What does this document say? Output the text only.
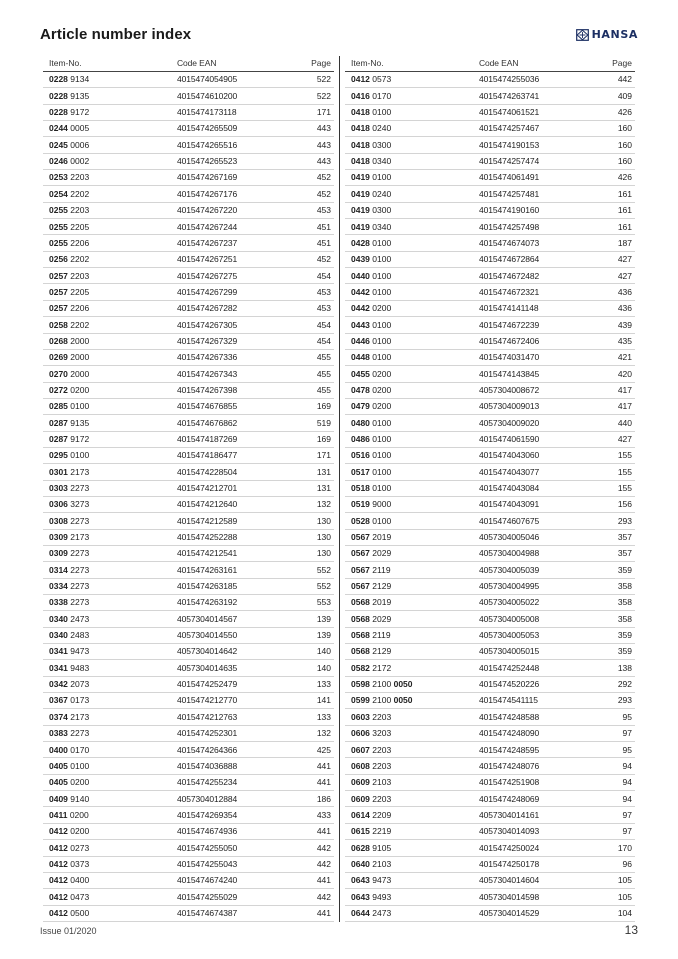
Article number index	HANSA
Item-No.	Code EAN	Page
0228 9134	4015474054905	522
0228 9135	4015474610200	522
0228 9172	4015474173118	171
0244 0005	4015474265509	443
0245 0006	4015474265516	443
0246 0002	4015474265523	443
0253 2203	4015474267169	452
0254 2202	4015474267176	452
0255 2203	4015474267220	453
0255 2205	4015474267244	451
0255 2206	4015474267237	451
0256 2202	4015474267251	452
0257 2203	4015474267275	454
0257 2205	4015474267299	453
0257 2206	4015474267282	453
0258 2202	4015474267305	454
0268 2000	4015474267329	454
0269 2000	4015474267336	455
0270 2000	4015474267343	455
0272 0200	4015474267398	455
0285 0100	4015474676855	169
0287 9135	4015474676862	519
0287 9172	4015474187269	169
0295 0100	4015474186477	171
0301 2173	4015474228504	131
0303 2273	4015474212701	131
0306 3273	4015474212640	132
0308 2273	4015474212589	130
0309 2173	4015474252288	130
0309 2273	4015474212541	130
0314 2273	4015474263161	552
0334 2273	4015474263185	552
0338 2273	4015474263192	553
0340 2473	4057304014567	139
0340 2483	4057304014550	139
0341 9473	4057304014642	140
0341 9483	4057304014635	140
0342 2073	4015474252479	133
0367 0173	4015474212770	141
0374 2173	4015474212763	133
0383 2273	4015474252301	132
0400 0170	4015474264366	425
0405 0100	4015474036888	441
0405 0200	4015474255234	441
0409 9140	4057304012884	186
0411 0200	4015474269354	433
0412 0200	4015474674936	441
0412 0273	4015474255050	442
0412 0373	4015474255043	442
0412 0400	4015474674240	441
0412 0473	4015474255029	442
0412 0500	4015474674387	441
Item-No.	Code EAN	Page
0412 0573	4015474255036	442
0416 0170	4015474263741	409
0418 0100	4015474061521	426
0418 0240	4015474257467	160
0418 0300	4015474190153	160
0418 0340	4015474257474	160
0419 0100	4015474061491	426
0419 0240	4015474257481	161
0419 0300	4015474190160	161
0419 0340	4015474257498	161
0428 0100	4015474674073	187
0439 0100	4015474672864	427
0440 0100	4015474672482	427
0442 0100	4015474672321	436
0442 0200	4015474141148	436
0443 0100	4015474672239	439
0446 0100	4015474672406	435
0448 0100	4015474031470	421
0455 0200	4015474143845	420
0478 0200	4057304008672	417
0479 0200	4057304009013	417
0480 0100	4057304009020	440
0486 0100	4015474061590	427
0516 0100	4015474043060	155
0517 0100	4015474043077	155
0518 0100	4015474043084	155
0519 9000	4015474043091	156
0528 0100	4015474607675	293
0567 2019	4057304005046	357
0567 2029	4057304004988	357
0567 2119	4057304005039	359
0567 2129	4057304004995	358
0568 2019	4057304005022	358
0568 2029	4057304005008	358
0568 2119	4057304005053	359
0568 2129	4057304005015	359
0582 2172	4015474252448	138
0598 2100 0050	4015474520226	292
0599 2100 0050	4015474541115	293
0603 2203	4015474248588	95
0606 3203	4015474248090	97
0607 2203	4015474248595	95
0608 2203	4015474248076	94
0609 2103	4015474251908	94
0609 2203	4015474248069	94
0614 2209	4057304014161	97
0615 2219	4057304014093	97
0628 9105	4015474250024	170
0640 2103	4015474250178	96
0643 9473	4057304014604	105
0643 9493	4057304014598	105
0644 2473	4057304014529	104
Issue 01/2020	13
